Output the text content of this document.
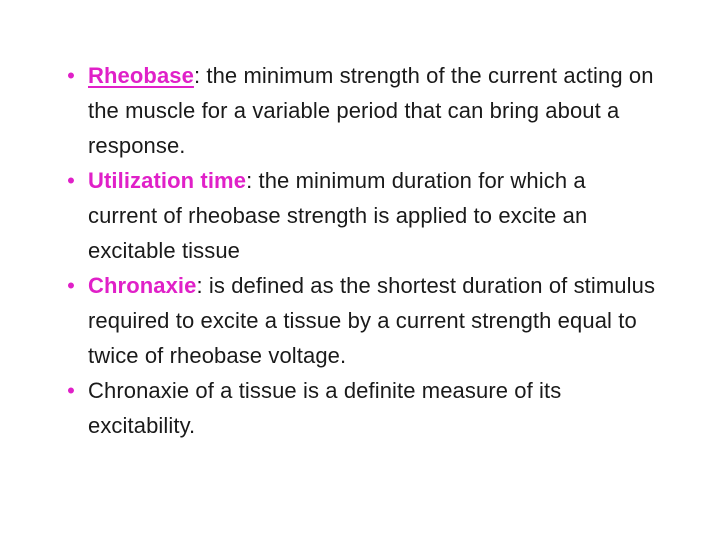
• Rheobase: the minimum strength of the current acting on the muscle for a variable period that can bring about a response.
• Utilization time: the minimum duration for which a current of rheobase strength is applied to excite an excitable tissue
• Chronaxie: is defined as the shortest duration of stimulus required to excite a tissue by a current strength equal to twice of rheobase voltage.
• Chronaxie of a tissue is a definite measure of its excitability.
